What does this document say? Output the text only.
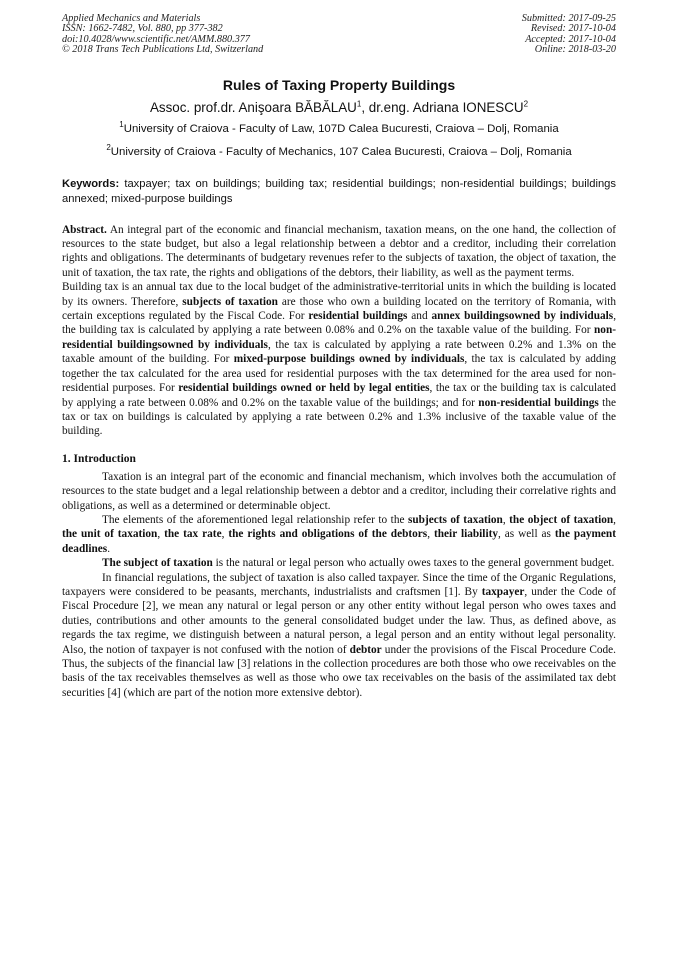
Applied Mechanics and Materials
ISSN: 1662-7482, Vol. 880, pp 377-382
doi:10.4028/www.scientific.net/AMM.880.377
© 2018 Trans Tech Publications Ltd, Switzerland
Submitted: 2017-09-25
Revised: 2017-10-04
Accepted: 2017-10-04
Online: 2018-03-20
Rules of Taxing Property Buildings
Assoc. prof.dr. Anişoara BĂBĂLAU$^1$, dr.eng. Adriana IONESCU$^2$
$^1$University of Craiova - Faculty of Law, 107D Calea Bucuresti, Craiova – Dolj, Romania
$^2$University of Craiova - Faculty of Mechanics, 107 Calea Bucuresti, Craiova – Dolj, Romania
Keywords: taxpayer; tax on buildings; building tax; residential buildings; non-residential buildings; buildings annexed; mixed-purpose buildings

Abstract. An integral part of the economic and financial mechanism, taxation means, on the one hand, the collection of resources to the state budget, but also a legal relationship between a debtor and a creditor, including their correlation rights and obligations. The determinants of budgetary revenues refer to the subjects of taxation, the object of taxation, the unit of taxation, the tax rate, the rights and obligations of the debtors, their liability, as well as the payment terms.

Building tax is an annual tax due to the local budget of the administrative-territorial units in which the building is located by its owners. Therefore, subjects of taxation are those who own a building located on the territory of Romania, with certain exceptions regulated by the Fiscal Code. For residential buildings and annex buildingsowned by individuals, the building tax is calculated by applying a rate between 0.08% and 0.2% on the taxable value of the building. For non-residential buildingsowned by individuals, the tax is calculated by applying a rate between 0.2% and 1.3% on the taxable amount of the building. For mixed-purpose buildings owned by individuals, the tax is calculated by adding together the tax calculated for the area used for residential purposes with the tax determined for the area used for non-residential purposes. For residential buildings owned or held by legal entities, the tax or the building tax is calculated by applying a rate between 0.08% and 0.2% on the taxable value of the buildings; and for non-residential buildings the tax or tax on buildings is calculated by applying a rate between 0.2% and 1.3% inclusive of the taxable value of the building.

1. Introduction

Taxation is an integral part of the economic and financial mechanism, which involves both the accumulation of resources to the state budget and a legal relationship between a debtor and a creditor, including their correlative rights and obligations, as well as a determined or determinable object.

The elements of the aforementioned legal relationship refer to the subjects of taxation, the object of taxation, the unit of taxation, the tax rate, the rights and obligations of the debtors, their liability, as well as the payment deadlines.

The subject of taxation is the natural or legal person who actually owes taxes to the general government budget.

In financial regulations, the subject of taxation is also called taxpayer. Since the time of the Organic Regulations, taxpayers were considered to be peasants, merchants, industrialists and craftsmen [1]. By taxpayer, under the Code of Fiscal Procedure [2], we mean any natural or legal person or any other entity without legal person who owes taxes and duties, contributions and other amounts to the general consolidated budget under the law. Thus, as defined above, as regards the tax regime, we distinguish between a natural person, a legal person and an entity without legal personality. Also, the notion of taxpayer is not confused with the notion of debtor under the provisions of the Fiscal Procedure Code. Thus, the subjects of the financial law [3] relations in the collection procedures are both those who owe receivables on the basis of the tax receivables themselves as well as those who owe tax receivables on the basis of the assimilated tax debt securities [4] (which are part of the notion more extensive debtor).
